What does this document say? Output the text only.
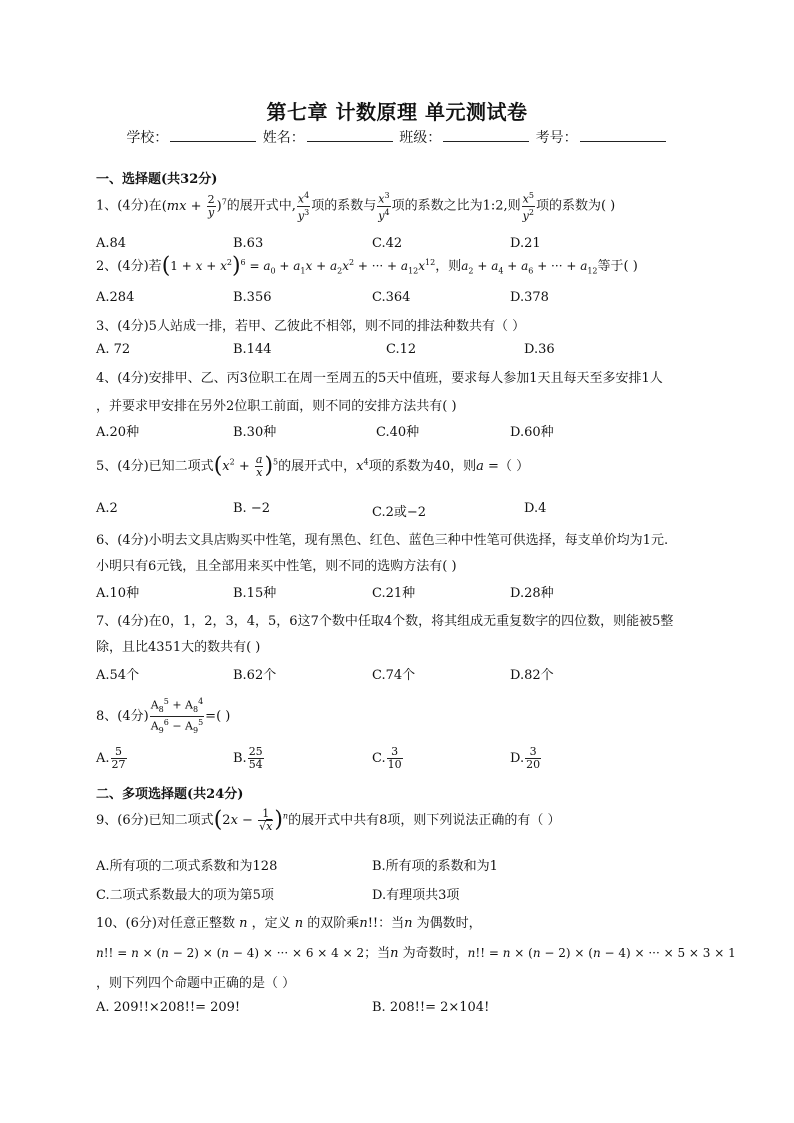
第七章 计数原理 单元测试卷
学校：	姓名：	班级：	考号：
一、选择题(共32分)
1、(4分)在$(mx + \frac{2}{y} )^7$的展开式中, $\frac{x^4}{y^3}$ 项的系数与 $\frac{x^3}{y^4}$ 项的系数之比为1:2,则 $\frac{x^5}{y^2}$ 项的系数为( )
A.84	B.63	C.42	D.21
2、(4分)若$(1 + x + x^2)^6 = a_0 + a_1x + a_2x^2$ + ··· + $a_{12}x^{12}$，则$a_2 + a_4 + a_6$ + ··· + $a_{12}$等于( )
A.284	B.356	C.364	D.378
3、(4分)5人站成一排，若甲、乙彼此不相邻，则不同的排法种数共有（ ）
A. 72	B.144	C.12	D.36
4、(4分)安排甲、乙、丙3位职工在周一至周五的5天中值班，要求每人参加1天且每天至多安排1人
，并要求甲安排在另外2位职工前面，则不同的安排方法共有( )
A.20种	B.30种	C.40种	D.60种
5、(4分)已知二项式$(x^2 + \frac{a}{x} )^5$的展开式中，$x^4$项的系数为40，则a =（ ）
A.2	B. −2	C.2或−2	D.4
6、(4分)小明去文具店购买中性笔，现有黑色、红色、蓝色三种中性笔可供选择，每支单价均为1元.
小明只有6元钱，且全部用来买中性笔，则不同的选购方法有( )
A.10种	B.15种	C.21种	D.28种
7、(4分)在0，1，2，3，4，5，6这7个数中任取4个数，将其组成无重复数字的四位数，则能被5整
除，且比4351大的数共有( )
A.54个	B.62个	C.74个	D.82个
8、(4分) $\frac{A_8^5 + A_8^4}{A_9^6 - A_9^5}$ =( )
A. $\frac{5}{27}$	B. $\frac{25}{54}$	C. $\frac{3}{10}$	D. $\frac{3}{20}$
二、多项选择题(共24分)
9、(6分)已知二项式$(2x - \frac{1}{√x} )^n$的展开式中共有8项，则下列说法正确的有（ ）
A.所有项的二项式系数和为128	B.所有项的系数和为1
C.二项式系数最大的项为第5项	D.有理项共3项
10、(6分)对任意正整数 n ，定义 n 的双阶乘n!!：当n 为偶数时，
n!! = n × (n − 2) × (n − 4) × ··· × 6 × 4 × 2；当n 为奇数时，n!! = n × (n − 2) × (n − 4) × ··· × 5 × 3 × 1
，则下列四个命题中正确的是（ ）
A. 209!!×208!!= 209!	B. 208!!= 2×104!
